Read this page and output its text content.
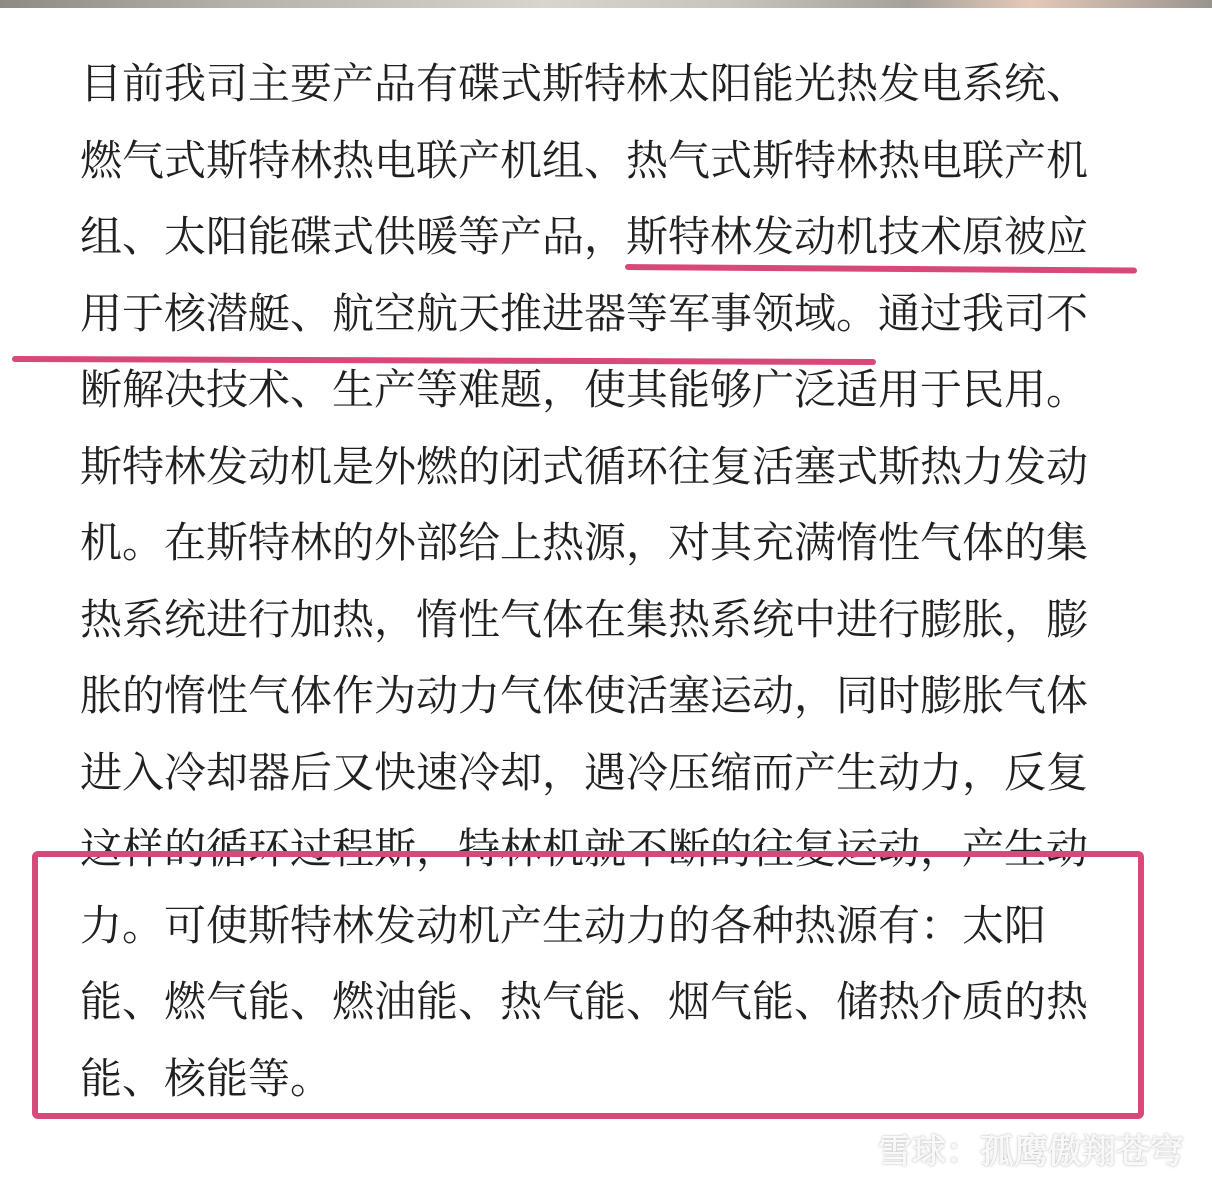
目前我司主要产品有碟式斯特林太阳能光热发电系统、
燃气式斯特林热电联产机组、热气式斯特林热电联产机
组、太阳能碟式供暖等产品，斯特林发动机技术原被应
用于核潜艇、航空航天推进器等军事领域。通过我司不
断解决技术、生产等难题，使其能够广泛适用于民用。
斯特林发动机是外燃的闭式循环往复活塞式斯热力发动
机。在斯特林的外部给上热源，对其充满惰性气体的集
热系统进行加热，惰性气体在集热系统中进行膨胀，膨
胀的惰性气体作为动力气体使活塞运动，同时膨胀气体
进入冷却器后又快速冷却，遇冷压缩而产生动力，反复
这样的循环过程斯，特林机就不断的往复运动，产生动
力。可使斯特林发动机产生动力的各种热源有：太阳
能、燃气能、燃油能、热气能、烟气能、储热介质的热
能、核能等。
雪球：孤鹰傲翔苍穹
